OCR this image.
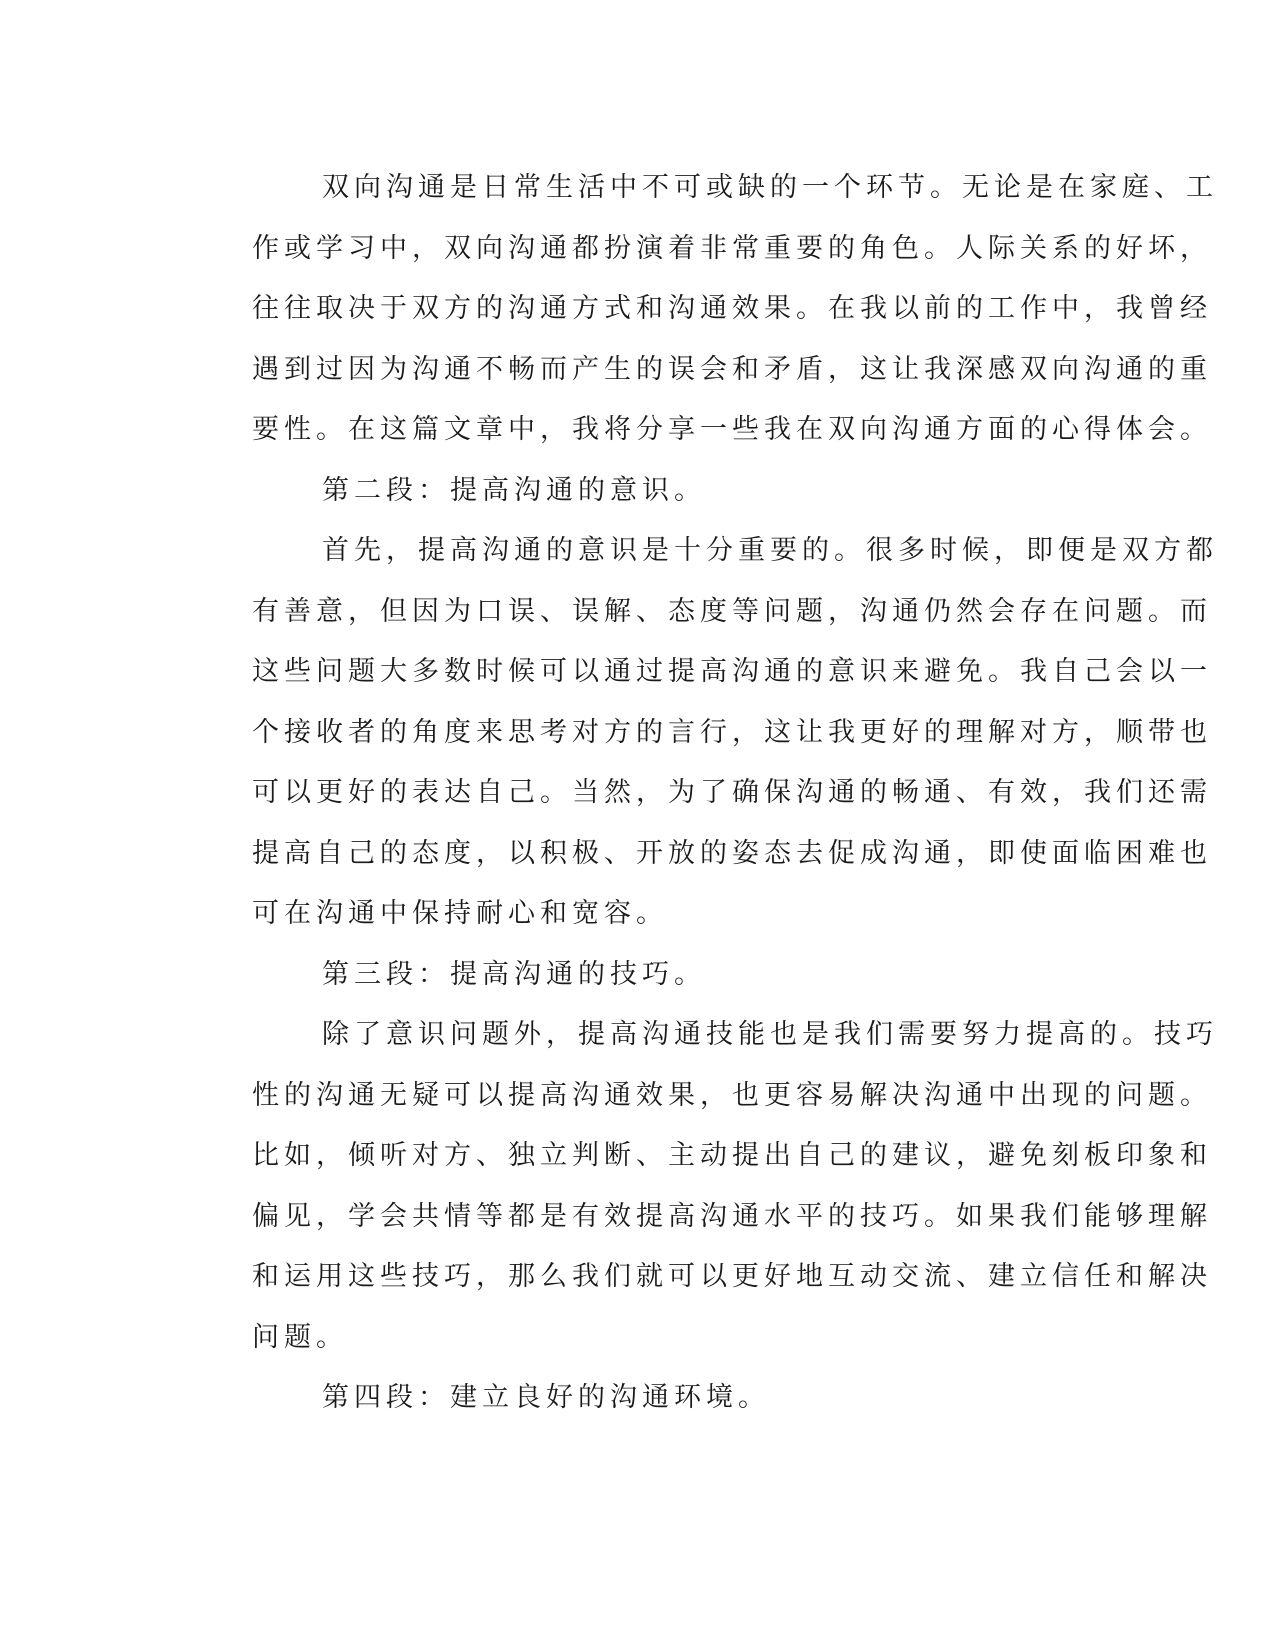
双向沟通是日常生活中不可或缺的一个环节。无论是在家庭、工
作或学习中，双向沟通都扮演着非常重要的角色。人际关系的好坏，
往往取决于双方的沟通方式和沟通效果。在我以前的工作中，我曾经
遇到过因为沟通不畅而产生的误会和矛盾，这让我深感双向沟通的重
要性。在这篇文章中，我将分享一些我在双向沟通方面的心得体会。
第二段：提高沟通的意识。
首先，提高沟通的意识是十分重要的。很多时候，即便是双方都
有善意，但因为口误、误解、态度等问题，沟通仍然会存在问题。而
这些问题大多数时候可以通过提高沟通的意识来避免。我自己会以一
个接收者的角度来思考对方的言行，这让我更好的理解对方，顺带也
可以更好的表达自己。当然，为了确保沟通的畅通、有效，我们还需
提高自己的态度，以积极、开放的姿态去促成沟通，即使面临困难也
可在沟通中保持耐心和宽容。
第三段：提高沟通的技巧。
除了意识问题外，提高沟通技能也是我们需要努力提高的。技巧
性的沟通无疑可以提高沟通效果，也更容易解决沟通中出现的问题。
比如，倾听对方、独立判断、主动提出自己的建议，避免刻板印象和
偏见，学会共情等都是有效提高沟通水平的技巧。如果我们能够理解
和运用这些技巧，那么我们就可以更好地互动交流、建立信任和解决
问题。
第四段：建立良好的沟通环境。
